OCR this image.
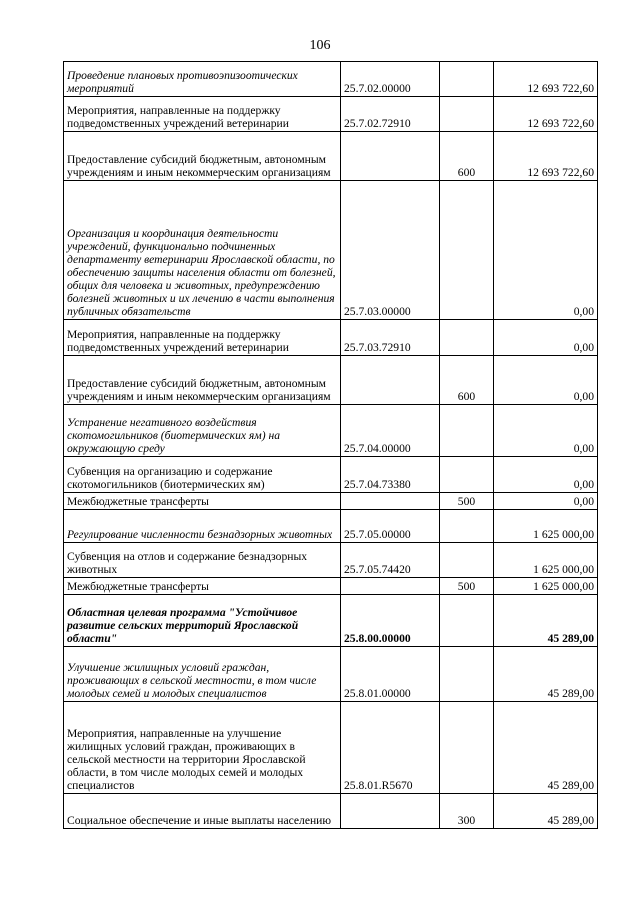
106
Проведение плановых противоэпизоотических мероприятий	25.7.02.00000		12 693 722,60
Мероприятия, направленные на поддержку подведомственных учреждений ветеринарии	25.7.02.72910		12 693 722,60
Предоставление субсидий бюджетным, автономным учреждениям и иным некоммерческим организациям		600	12 693 722,60
Организация и координация деятельности учреждений, функционально подчиненных департаменту ветеринарии Ярославской области, по обеспечению защиты населения области от болезней, общих для человека и животных, предупреждению болезней животных и их лечению в части выполнения публичных обязательств	25.7.03.00000		0,00
Мероприятия, направленные на поддержку подведомственных учреждений ветеринарии	25.7.03.72910		0,00
Предоставление субсидий бюджетным, автономным учреждениям и иным некоммерческим организациям		600	0,00
Устранение негативного воздействия скотомогильников (биотермических ям) на окружающую среду	25.7.04.00000		0,00
Субвенция на организацию и содержание скотомогильников (биотермических ям)	25.7.04.73380		0,00
Межбюджетные трансферты		500	0,00
Регулирование численности безнадзорных животных	25.7.05.00000		1 625 000,00
Субвенция на отлов и содержание безнадзорных животных	25.7.05.74420		1 625 000,00
Межбюджетные трансферты		500	1 625 000,00
Областная целевая программа "Устойчивое развитие сельских территорий Ярославской области"	25.8.00.00000		45 289,00
Улучшение жилищных условий граждан, проживающих в сельской местности, в том числе молодых семей и молодых специалистов	25.8.01.00000		45 289,00
Мероприятия, направленные на улучшение жилищных условий граждан, проживающих в сельской местности на территории Ярославской области, в том числе молодых семей и молодых специалистов	25.8.01.R5670		45 289,00
Социальное обеспечение и иные выплаты населению		300	45 289,00
